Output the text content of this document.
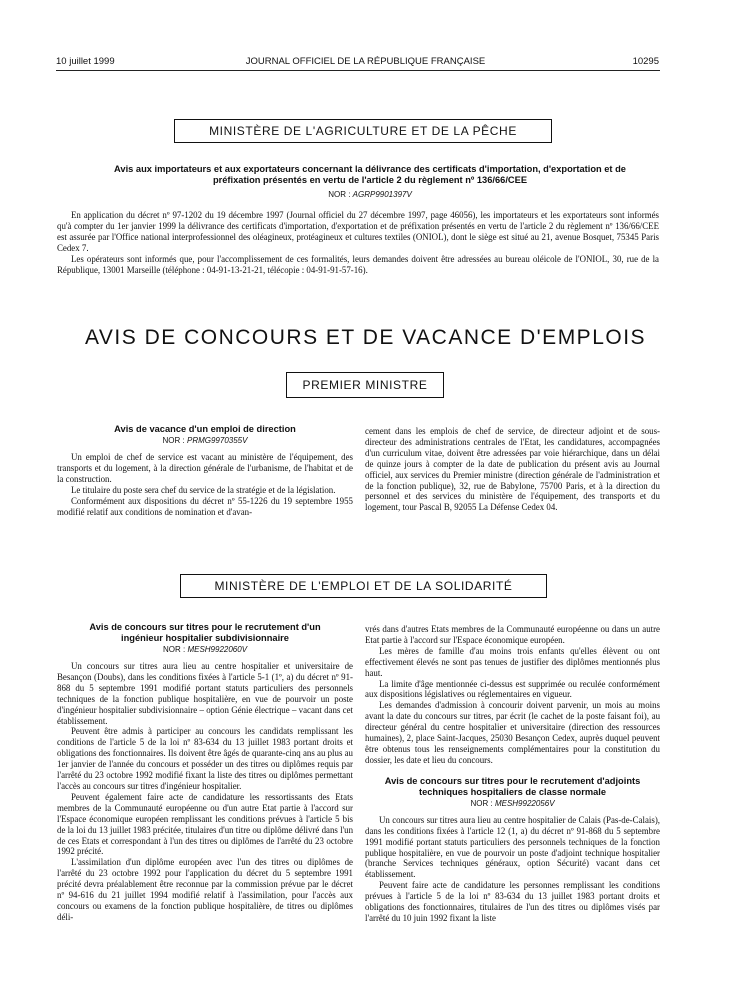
10 juillet 1999	JOURNAL OFFICIEL DE LA RÉPUBLIQUE FRANÇAISE	10295
MINISTÈRE DE L'AGRICULTURE ET DE LA PÊCHE
Avis aux importateurs et aux exportateurs concernant la délivrance des certificats d'importation, d'exportation et de préfixation présentés en vertu de l'article 2 du règlement nº 136/66/CEE
NOR : AGRP9901397V

En application du décret nº 97-1202 du 19 décembre 1997 (Journal officiel du 27 décembre 1997, page 46056), les importateurs et les exportateurs sont informés qu'à compter du 1er janvier 1999 la délivrance des certificats d'importation, d'exportation et de préfixation présentés en vertu de l'article 2 du règlement nº 136/66/CEE est assurée par l'Office national interprofessionnel des oléagineux, protéagineux et cultures textiles (ONIOL), dont le siège est situé au 21, avenue Bosquet, 75345 Paris Cedex 7.

Les opérateurs sont informés que, pour l'accomplissement de ces formalités, leurs demandes doivent être adressées au bureau oléicole de l'ONIOL, 30, rue de la République, 13001 Marseille (téléphone : 04-91-13-21-21, télécopie : 04-91-91-57-16).

AVIS DE CONCOURS ET DE VACANCE D'EMPLOIS
PREMIER MINISTRE
Avis de vacance d'un emploi de direction
NOR : PRMG9970355V

Un emploi de chef de service est vacant au ministère de l'équipement, des transports et du logement, à la direction générale de l'urbanisme, de l'habitat et de la construction.

Le titulaire du poste sera chef du service de la stratégie et de la législation.

Conformément aux dispositions du décret nº 55-1226 du 19 septembre 1955 modifié relatif aux conditions de nomination et d'avan-

cement dans les emplois de chef de service, de directeur adjoint et de sous-directeur des administrations centrales de l'Etat, les candidatures, accompagnées d'un curriculum vitae, doivent être adressées par voie hiérarchique, dans un délai de quinze jours à compter de la date de publication du présent avis au Journal officiel, aux services du Premier ministre (direction générale de l'administration et de la fonction publique), 32, rue de Babylone, 75700 Paris, et à la direction du personnel et des services du ministère de l'équipement, des transports et du logement, tour Pascal B, 92055 La Défense Cedex 04.

MINISTÈRE DE L'EMPLOI ET DE LA SOLIDARITÉ
Avis de concours sur titres pour le recrutement d'un ingénieur hospitalier subdivisionnaire
NOR : MESH9922060V

Un concours sur titres aura lieu au centre hospitalier et universitaire de Besançon (Doubs), dans les conditions fixées à l'article 5-1 (1º, a) du décret nº 91-868 du 5 septembre 1991 modifié portant statuts particuliers des personnels techniques de la fonction publique hospitalière, en vue de pourvoir un poste d'ingénieur hospitalier subdivisionnaire – option Génie électrique – vacant dans cet établissement.

Peuvent être admis à participer au concours les candidats remplissant les conditions de l'article 5 de la loi nº 83-634 du 13 juillet 1983 portant droits et obligations des fonctionnaires. Ils doivent être âgés de quarante-cinq ans au plus au 1er janvier de l'année du concours et posséder un des titres ou diplômes requis par l'arrêté du 23 octobre 1992 modifié fixant la liste des titres ou diplômes permettant l'accès au concours sur titres d'ingénieur hospitalier.

Peuvent également faire acte de candidature les ressortissants des Etats membres de la Communauté européenne ou d'un autre Etat partie à l'accord sur l'Espace économique européen remplissant les conditions prévues à l'article 5 bis de la loi du 13 juillet 1983 précitée, titulaires d'un titre ou diplôme délivré dans l'un de ces Etats et correspondant à l'un des titres ou diplômes de l'arrêté du 23 octobre 1992 précité.

L'assimilation d'un diplôme européen avec l'un des titres ou diplômes de l'arrêté du 23 octobre 1992 pour l'application du décret du 5 septembre 1991 précité devra préalablement être reconnue par la commission prévue par le décret nº 94-616 du 21 juillet 1994 modifié relatif à l'assimilation, pour l'accès aux concours ou examens de la fonction publique hospitalière, de titres ou diplômes déli-

vrés dans d'autres Etats membres de la Communauté européenne ou dans un autre Etat partie à l'accord sur l'Espace économique européen.

Les mères de famille d'au moins trois enfants qu'elles élèvent ou ont effectivement élevés ne sont pas tenues de justifier des diplômes mentionnés plus haut.

La limite d'âge mentionnée ci-dessus est supprimée ou reculée conformément aux dispositions législatives ou réglementaires en vigueur.

Les demandes d'admission à concourir doivent parvenir, un mois au moins avant la date du concours sur titres, par écrit (le cachet de la poste faisant foi), au directeur général du centre hospitalier et universitaire (direction des ressources humaines), 2, place Saint-Jacques, 25030 Besançon Cedex, auprès duquel peuvent être obtenus tous les renseignements complémentaires pour la constitution du dossier, les date et lieu du concours.

Avis de concours sur titres pour le recrutement d'adjoints techniques hospitaliers de classe normale
NOR : MESH9922056V

Un concours sur titres aura lieu au centre hospitalier de Calais (Pas-de-Calais), dans les conditions fixées à l'article 12 (1, a) du décret nº 91-868 du 5 septembre 1991 modifié portant statuts particuliers des personnels techniques de la fonction publique hospitalière, en vue de pourvoir un poste d'adjoint technique hospitalier (branche Services techniques généraux, option Sécurité) vacant dans cet établissement.

Peuvent faire acte de candidature les personnes remplissant les conditions prévues à l'article 5 de la loi nº 83-634 du 13 juillet 1983 portant droits et obligations des fonctionnaires, titulaires de l'un des titres ou diplômes visés par l'arrêté du 10 juin 1992 fixant la liste
